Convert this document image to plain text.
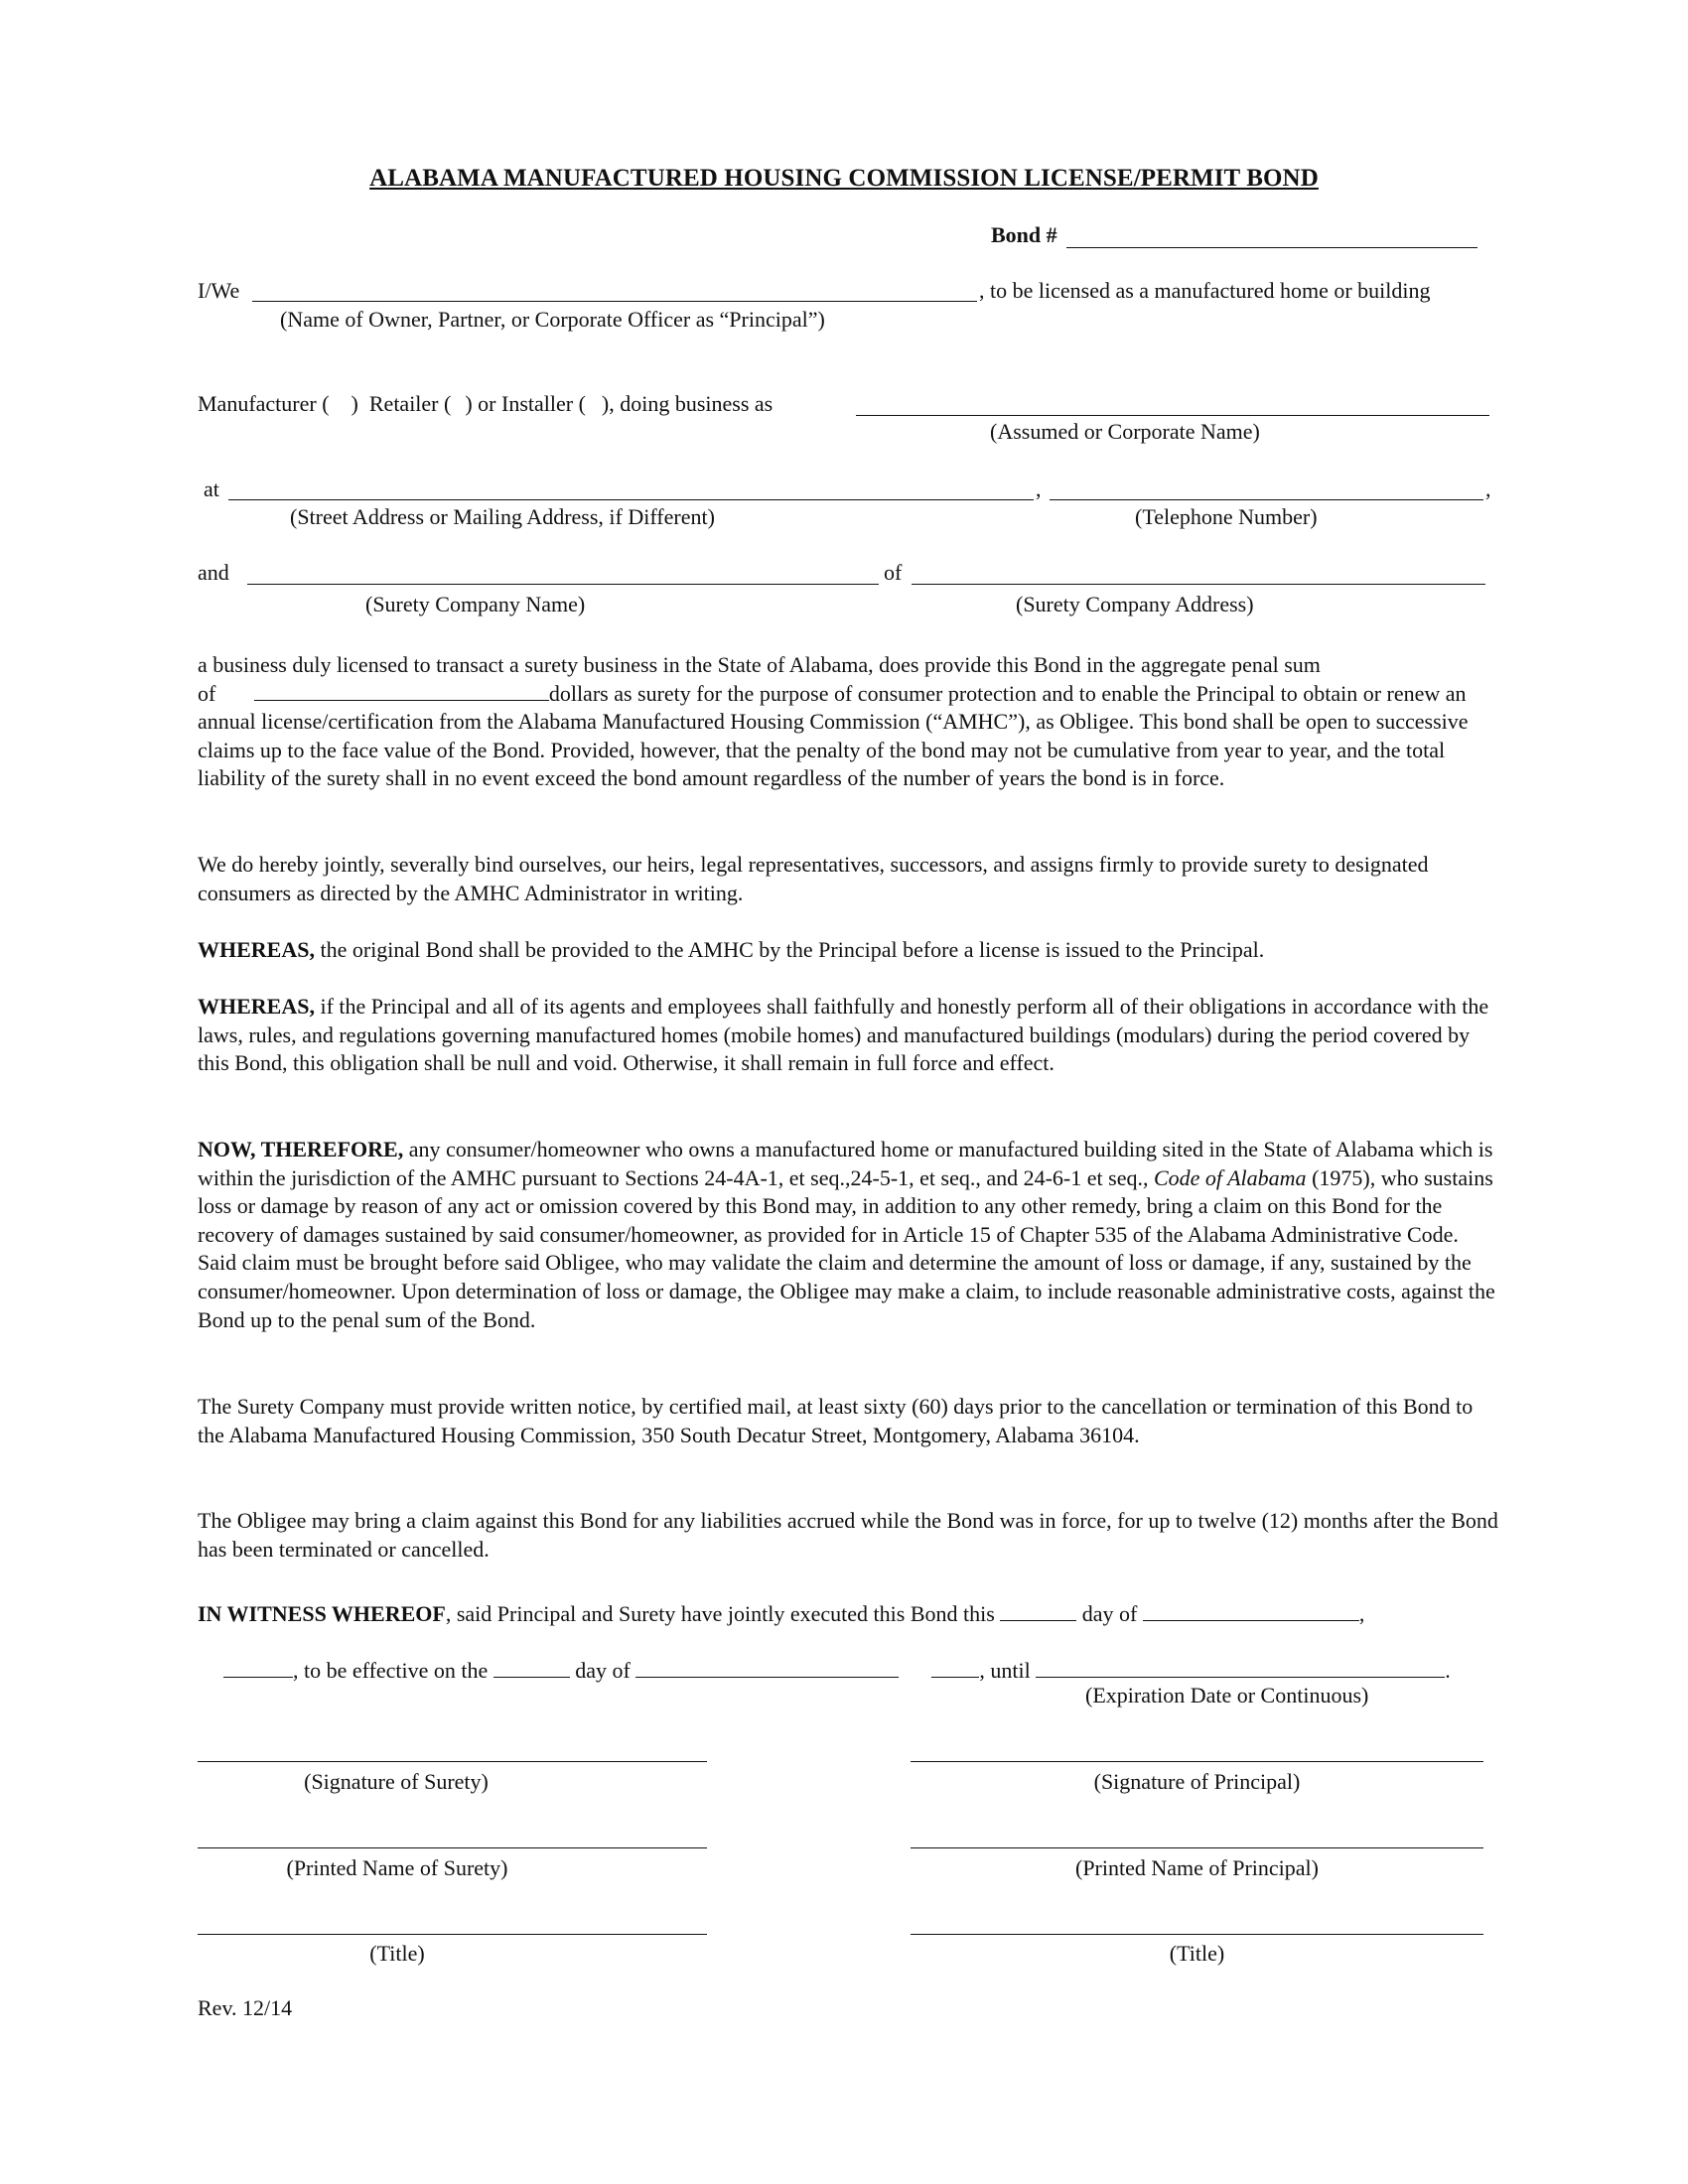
ALABAMA MANUFACTURED HOUSING COMMISSION LICENSE/PERMIT BOND
Bond #
I/We	, to be licensed as a manufactured home or building
(Name of Owner, Partner, or Corporate Officer as “Principal”)
Manufacturer ( ) Retailer ( ) or Installer ( ), doing business as
(Assumed or Corporate Name)
at	,	,
(Street Address or Mailing Address, if Different)	(Telephone Number)
and	of
(Surety Company Name)	(Surety Company Address)
a business duly licensed to transact a surety business in the State of Alabama, does provide this Bond in the aggregate penal sum
of	dollars as surety for the purpose of consumer protection and to enable the Principal to obtain or renew an annual license/certification from the Alabama Manufactured Housing Commission (“AMHC”), as Obligee. This bond shall be open to successive claims up to the face value of the Bond. Provided, however, that the penalty of the bond may not be cumulative from year to year, and the total liability of the surety shall in no event exceed the bond amount regardless of the number of years the bond is in force.
We do hereby jointly, severally bind ourselves, our heirs, legal representatives, successors, and assigns firmly to provide surety to designated consumers as directed by the AMHC Administrator in writing.
WHEREAS, the original Bond shall be provided to the AMHC by the Principal before a license is issued to the Principal.
WHEREAS, if the Principal and all of its agents and employees shall faithfully and honestly perform all of their obligations in accordance with the laws, rules, and regulations governing manufactured homes (mobile homes) and manufactured buildings (modulars) during the period covered by this Bond, this obligation shall be null and void. Otherwise, it shall remain in full force and effect.
NOW, THEREFORE, any consumer/homeowner who owns a manufactured home or manufactured building sited in the State of Alabama which is within the jurisdiction of the AMHC pursuant to Sections 24-4A-1, et seq.,24-5-1, et seq., and 24-6-1 et seq., Code of Alabama (1975), who sustains loss or damage by reason of any act or omission covered by this Bond may, in addition to any other remedy, bring a claim on this Bond for the recovery of damages sustained by said consumer/homeowner, as provided for in Article 15 of Chapter 535 of the Alabama Administrative Code. Said claim must be brought before said Obligee, who may validate the claim and determine the amount of loss or damage, if any, sustained by the consumer/homeowner. Upon determination of loss or damage, the Obligee may make a claim, to include reasonable administrative costs, against the Bond up to the penal sum of the Bond.
The Surety Company must provide written notice, by certified mail, at least sixty (60) days prior to the cancellation or termination of this Bond to the Alabama Manufactured Housing Commission, 350 South Decatur Street, Montgomery, Alabama 36104.
The Obligee may bring a claim against this Bond for any liabilities accrued while the Bond was in force, for up to twelve (12) months after the Bond has been terminated or cancelled.
IN WITNESS WHEREOF, said Principal and Surety have jointly executed this Bond this	day of	,
, to be effective on the	day of	, until	.
(Expiration Date or Continuous)
(Signature of Surety)	(Signature of Principal)
(Printed Name of Surety)	(Printed Name of Principal)
(Title)	(Title)
Rev. 12/14
